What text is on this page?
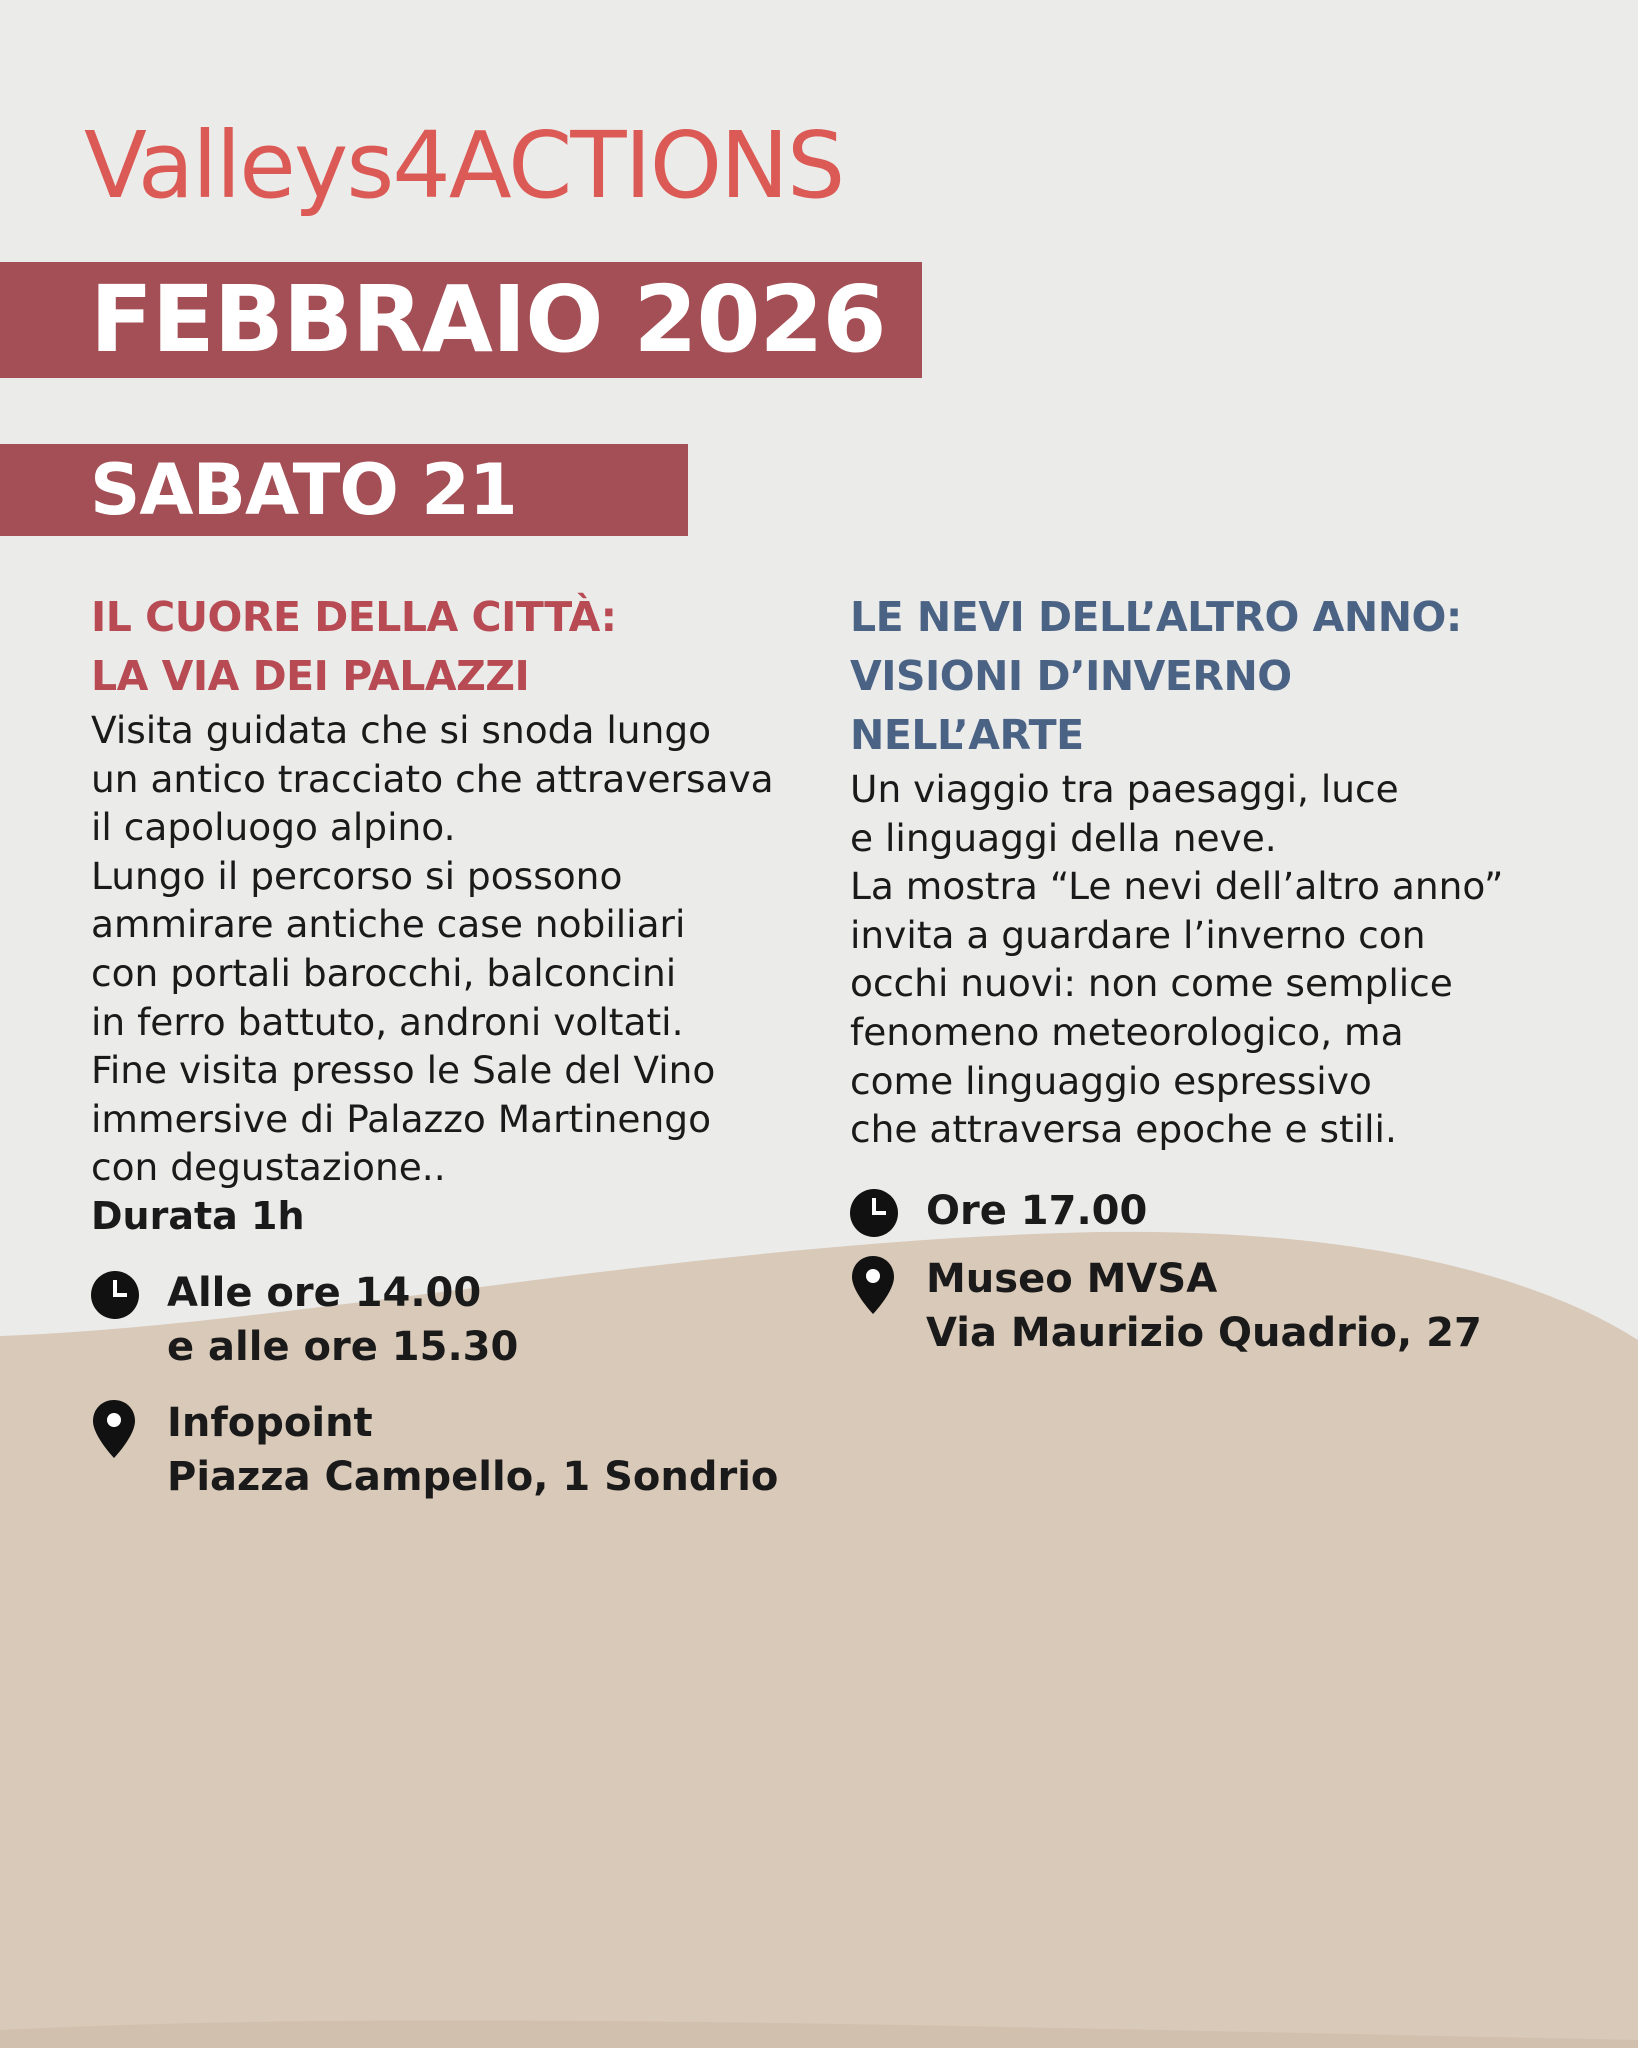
Valleys4ACTIONS
FEBBRAIO 2026
SABATO 21
IL CUORE DELLA CITTÀ:
LA VIA DEI PALAZZI

Visita guidata che si snoda lungo
un antico tracciato che attraversava
il capoluogo alpino.
Lungo il percorso si possono
ammirare antiche case nobiliari
con portali barocchi, balconcini
in ferro battuto, androni voltati.
Fine visita presso le Sale del Vino
immersive di Palazzo Martinengo
con degustazione..

Durata 1h

Alle ore 14.00
e alle ore 15.30
Infopoint
Piazza Campello, 1 Sondrio
LE NEVI DELL’ALTRO ANNO:
VISIONI D’INVERNO
NELL’ARTE

Un viaggio tra paesaggi, luce
e linguaggi della neve.
La mostra “Le nevi dell’altro anno”
invita a guardare l’inverno con
occhi nuovi: non come semplice
fenomeno meteorologico, ma
come linguaggio espressivo
che attraversa epoche e stili.

Ore 17.00
Museo MVSA
Via Maurizio Quadrio, 27
